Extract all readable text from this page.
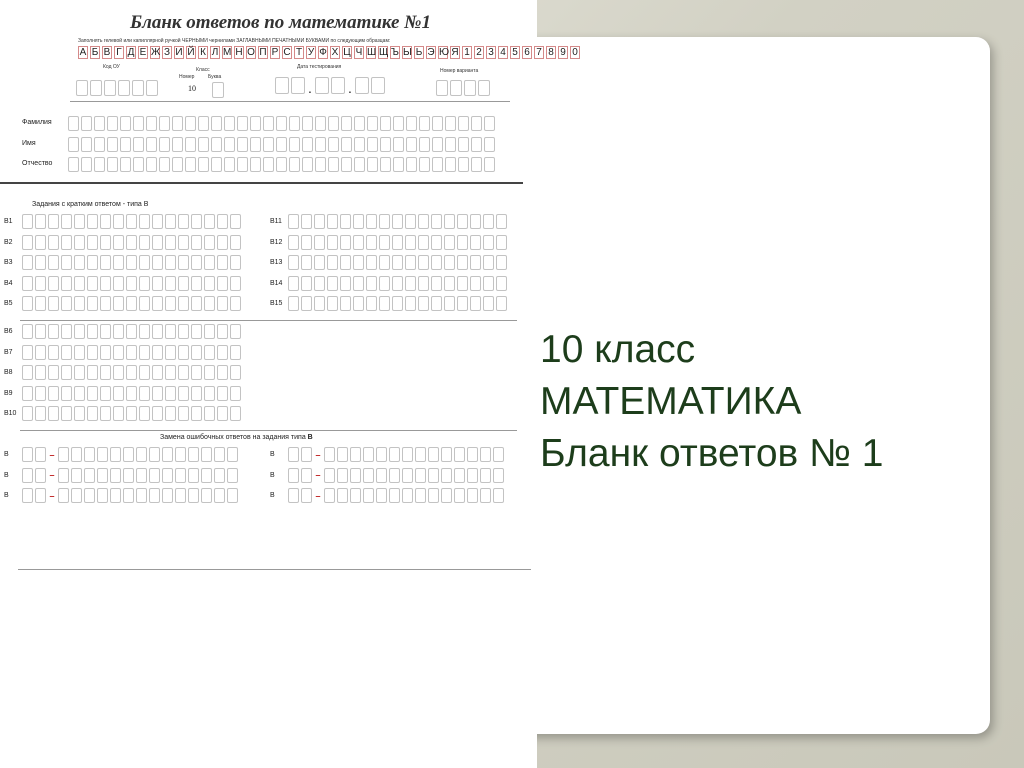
10 класс
МАТЕМАТИКА
Бланк ответов № 1
Бланк ответов по математике №1
Заполнять гелевой или капиллярной ручкой ЧЕРНЫМИ чернилами ЗАГЛАВНЫМИ ПЕЧАТНЫМИ БУКВАМИ по следующим образцам:
А Б В Г Д Е Ж З И Й К Л М Н О П Р С Т У Ф Х Ц Ч Ш Щ Ъ Ы Ь Э Ю Я 1 2 3 4 5 6 7 8 9 0
Код ОУ	Класс
Номер	Буква
10
Дата тестирования
.	.
Номер варианта
Фамилия
Имя
Отчество
Задания с кратким ответом - типа В
B1
B2
B3
B4
B5
B11
B12
B13
B14
B15
B6
B7
B8
B9
B10
Замена ошибочных ответов на задания типа В
В	–
В	–
В	–
В	–
В	–
В	–
